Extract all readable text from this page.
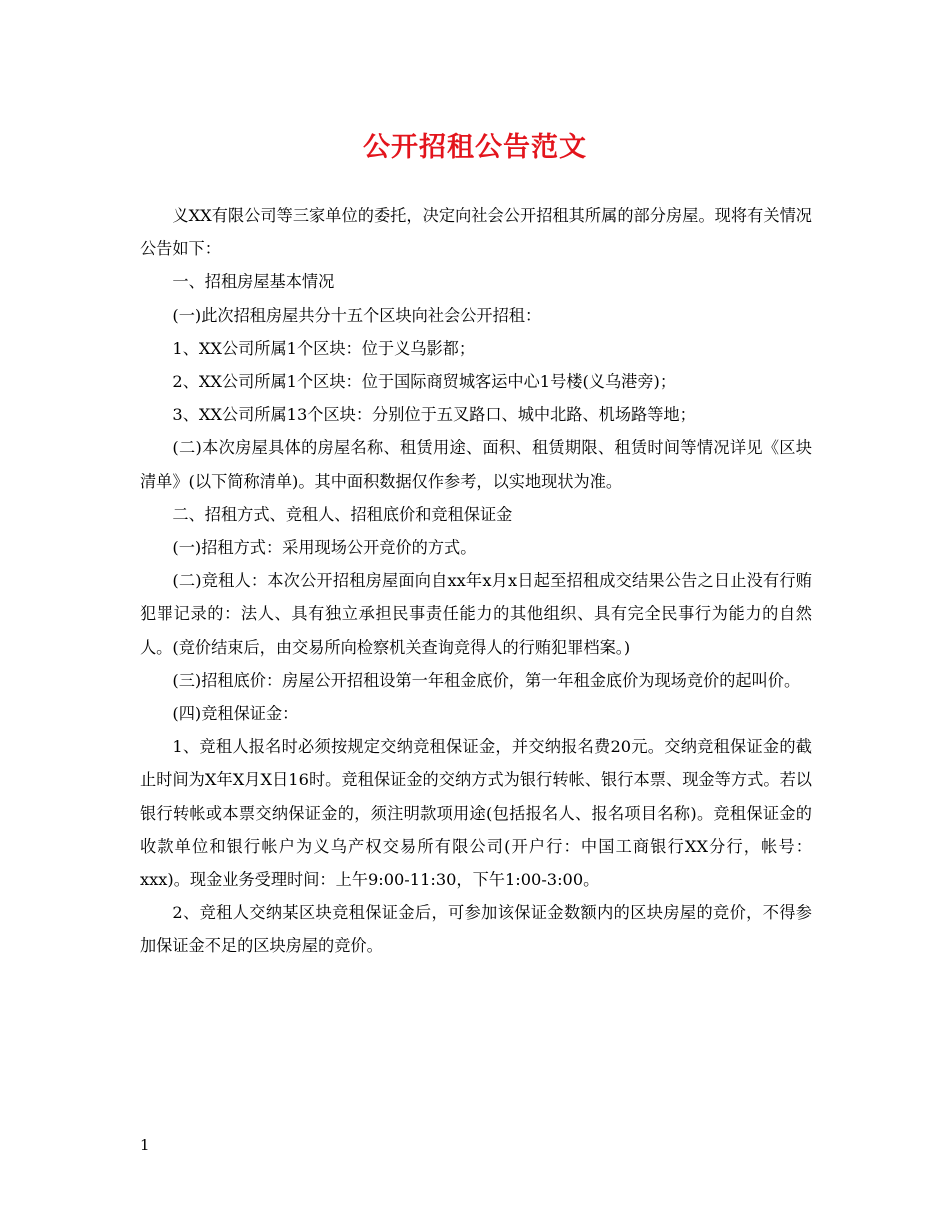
公开招租公告范文

义XX有限公司等三家单位的委托，决定向社会公开招租其所属的部分房屋。现将有关情况公告如下：

一、招租房屋基本情况

(一)此次招租房屋共分十五个区块向社会公开招租：

1、XX公司所属1个区块：位于义乌影都；

2、XX公司所属1个区块：位于国际商贸城客运中心1号楼(义乌港旁)；

3、XX公司所属13个区块：分别位于五叉路口、城中北路、机场路等地；

(二)本次房屋具体的房屋名称、租赁用途、面积、租赁期限、租赁时间等情况详见《区块清单》(以下简称清单)。其中面积数据仅作参考，以实地现状为准。

二、招租方式、竞租人、招租底价和竞租保证金

(一)招租方式：采用现场公开竞价的方式。

(二)竞租人：本次公开招租房屋面向自xx年x月x日起至招租成交结果公告之日止没有行贿犯罪记录的：法人、具有独立承担民事责任能力的其他组织、具有完全民事行为能力的自然人。(竞价结束后，由交易所向检察机关查询竞得人的行贿犯罪档案。)

(三)招租底价：房屋公开招租设第一年租金底价，第一年租金底价为现场竞价的起叫价。

(四)竞租保证金：

1、竞租人报名时必须按规定交纳竞租保证金，并交纳报名费20元。交纳竞租保证金的截止时间为X年X月X日16时。竞租保证金的交纳方式为银行转帐、银行本票、现金等方式。若以银行转帐或本票交纳保证金的，须注明款项用途(包括报名人、报名项目名称)。竞租保证金的收款单位和银行帐户为义乌产权交易所有限公司(开户行：中国工商银行XX分行，帐号：xxx)。现金业务受理时间：上午9:00-11:30，下午1:00-3:00。

2、竞租人交纳某区块竞租保证金后，可参加该保证金数额内的区块房屋的竞价，不得参加保证金不足的区块房屋的竞价。

1
